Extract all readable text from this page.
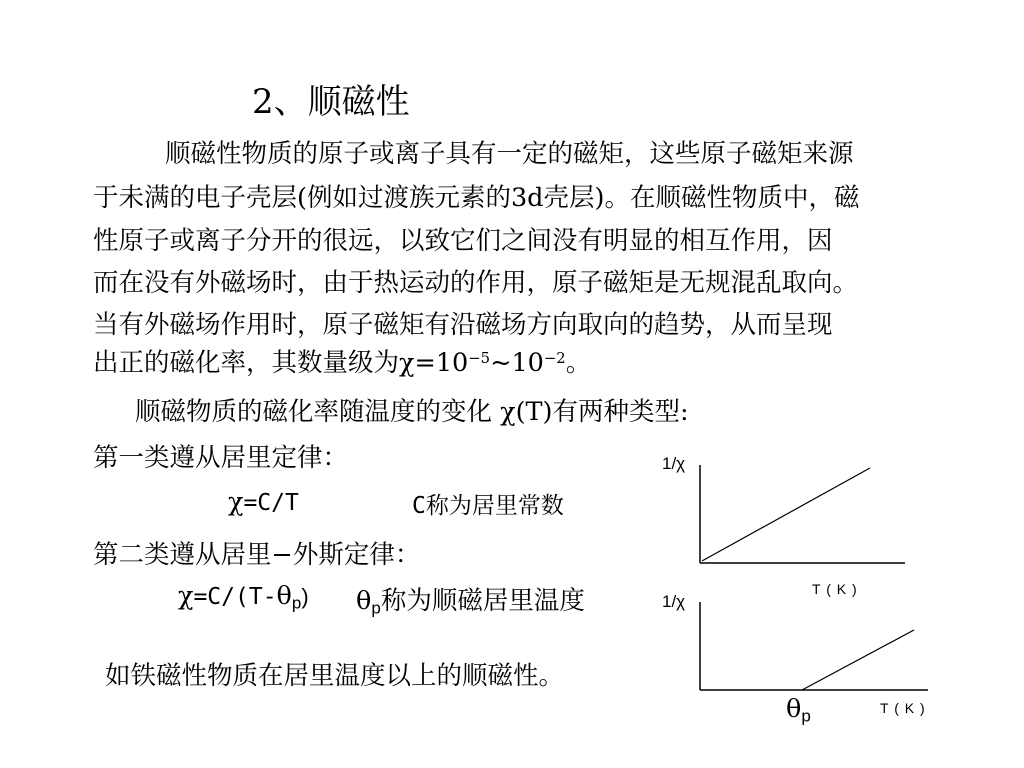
2、顺磁性
顺磁性物质的原子或离子具有一定的磁矩，这些原子磁矩来源
于未满的电子壳层(例如过渡族元素的3d壳层)。在顺磁性物质中，磁
性原子或离子分开的很远，以致它们之间没有明显的相互作用，因
而在没有外磁场时，由于热运动的作用，原子磁矩是无规混乱取向。
当有外磁场作用时，原子磁矩有沿磁场方向取向的趋势，从而呈现
出正的磁化率，其数量级为$\chi=10^{-5}\sim 10^{-2}$。
顺磁物质的磁化率随温度的变化 χ(T)有两种类型:
第一类遵从居里定律：
χ=C/T	C称为居里常数
第二类遵从居里−外斯定律：
$\chi=C/(T-\theta_p)$ $\theta_p$称为顺磁居里温度
如铁磁性物质在居里温度以上的顺磁性。
1/χ
T ( K )
1/χ
$\theta_p$	T ( K )
